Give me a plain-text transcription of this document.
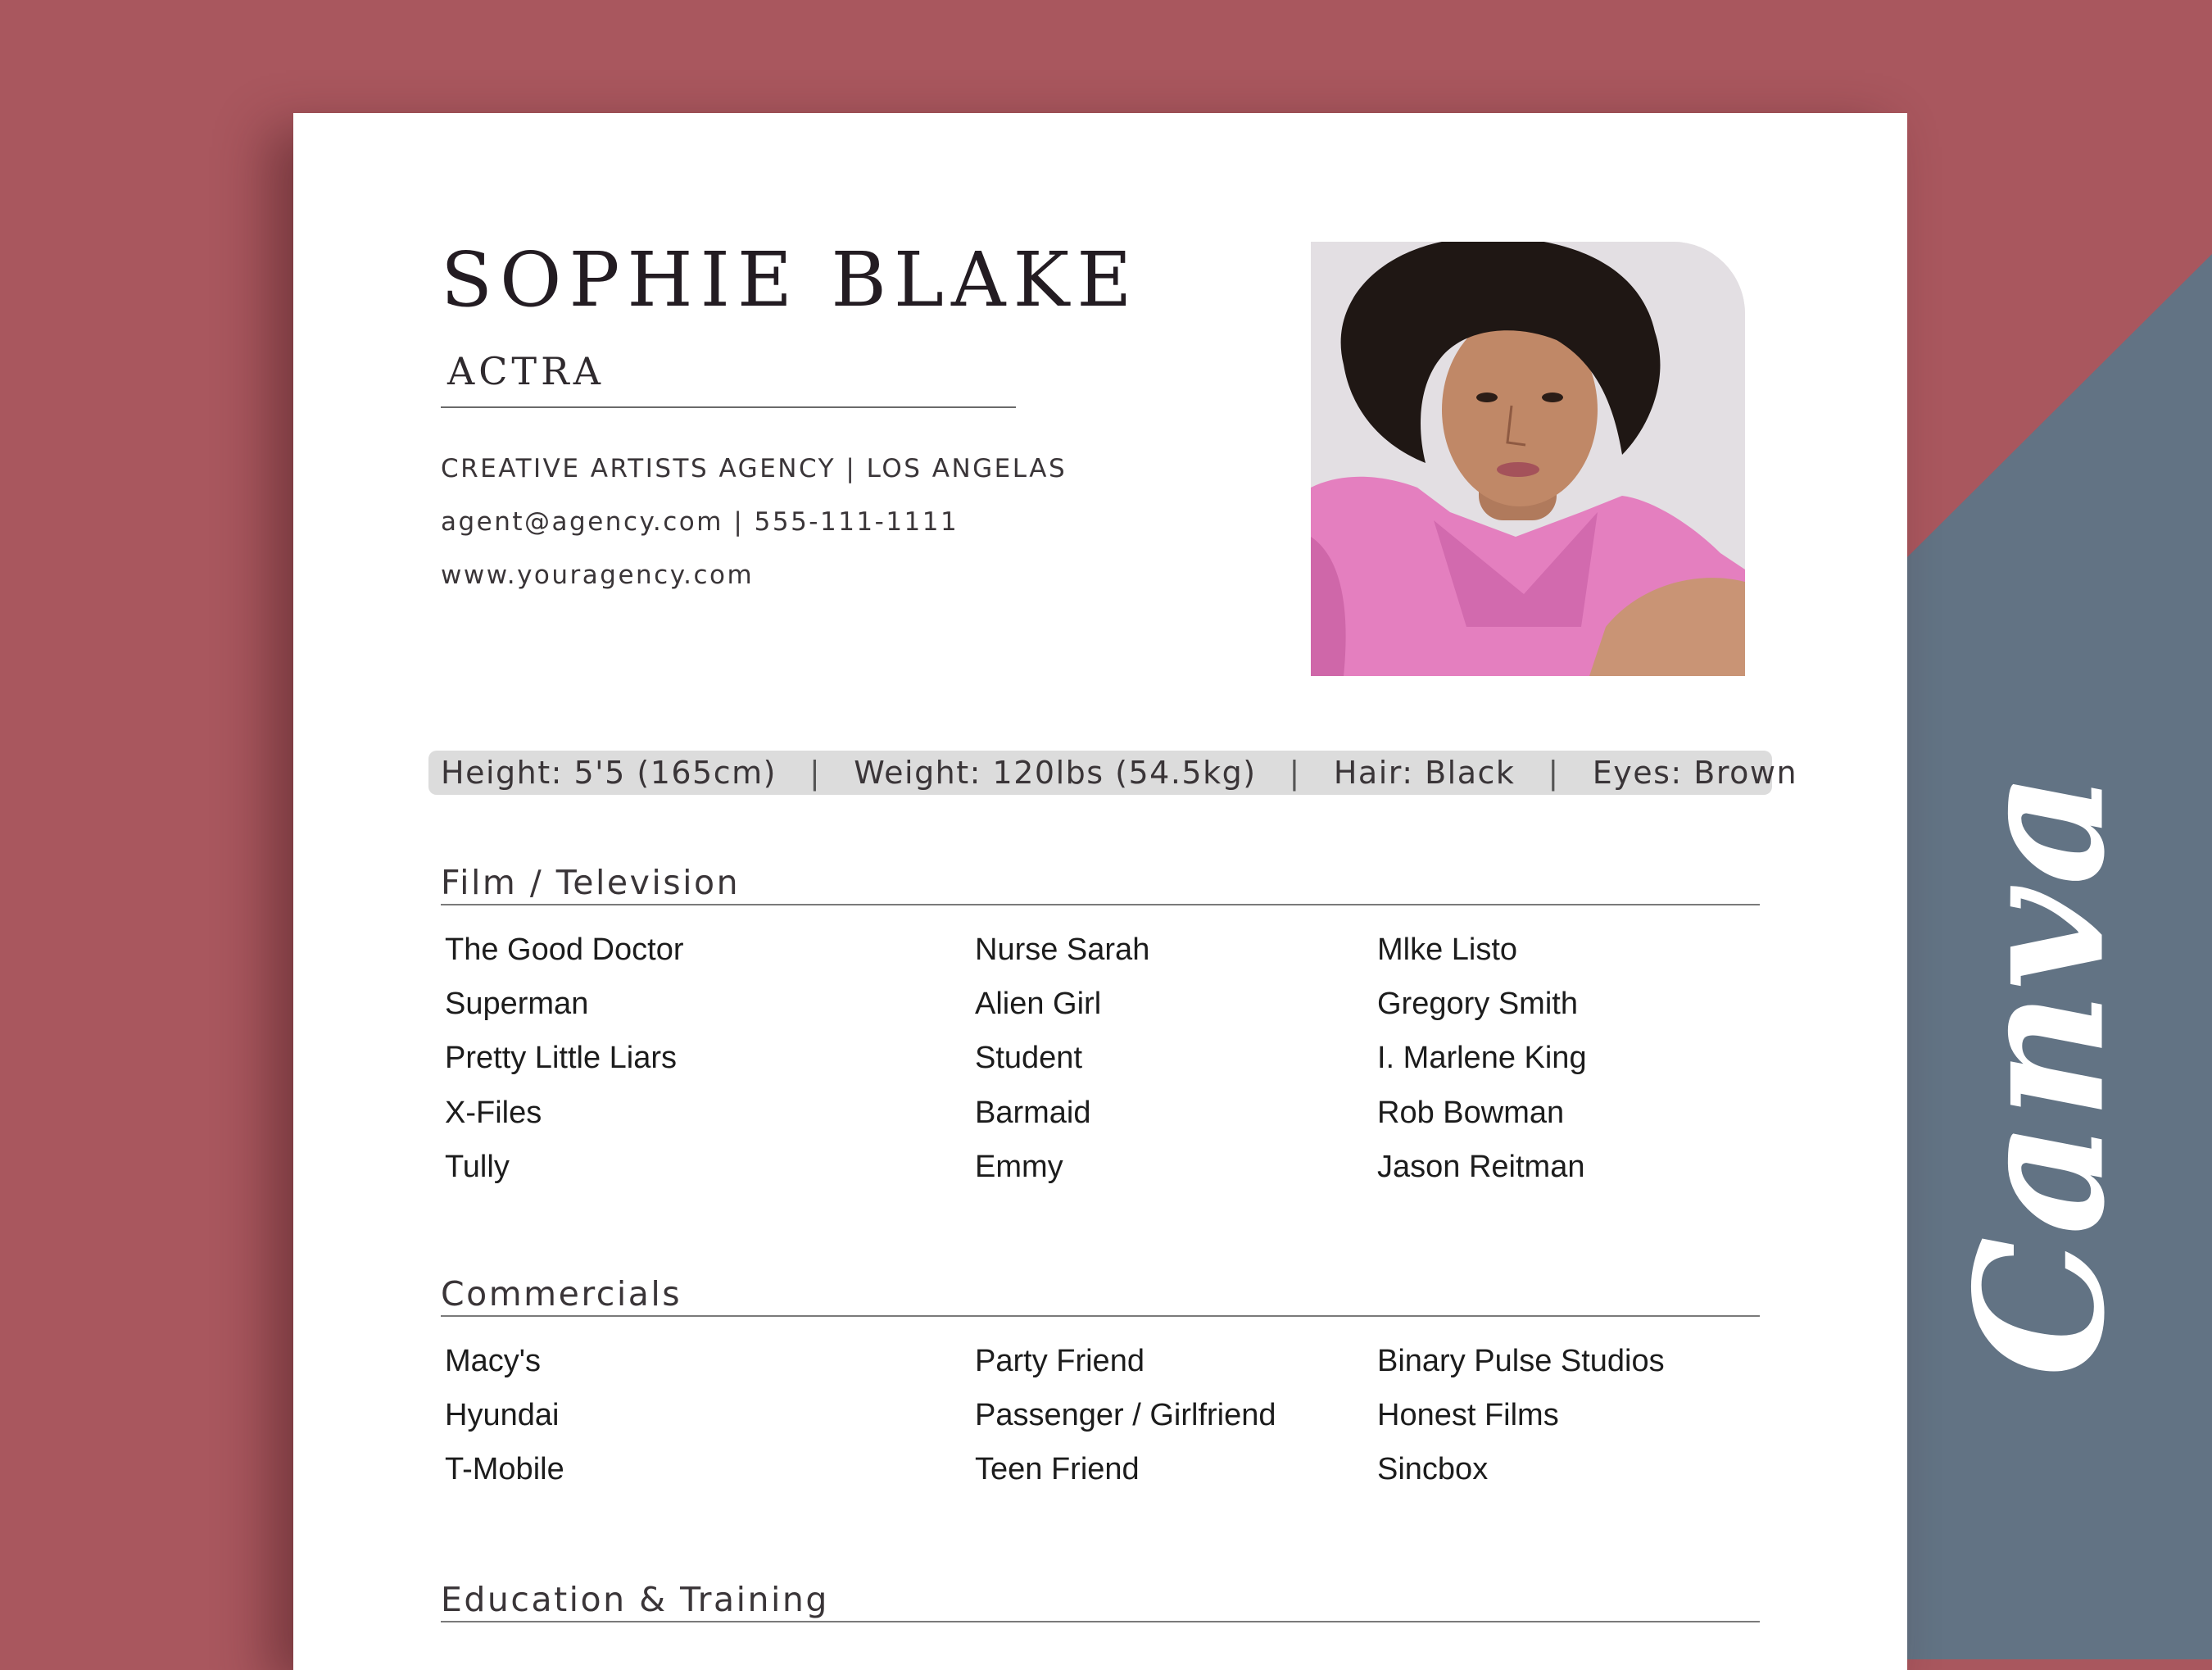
Canva
SOPHIE BLAKE
ACTRA
CREATIVE ARTISTS AGENCY | LOS ANGELAS
agent@agency.com | 555-111-1111
www.youragency.com
Height: 5'5 (165cm) | Weight: 120lbs (54.5kg) | Hair: Black | Eyes: Brown
Film / Television
The Good Doctor	Nurse Sarah	Mlke Listo
Superman	Alien Girl	Gregory Smith
Pretty Little Liars	Student	I. Marlene King
X-Files	Barmaid	Rob Bowman
Tully	Emmy	Jason Reitman
Commercials
Macy's	Party Friend	Binary Pulse Studios
Hyundai	Passenger / Girlfriend	Honest Films
T-Mobile	Teen Friend	Sincbox
Education & Training
